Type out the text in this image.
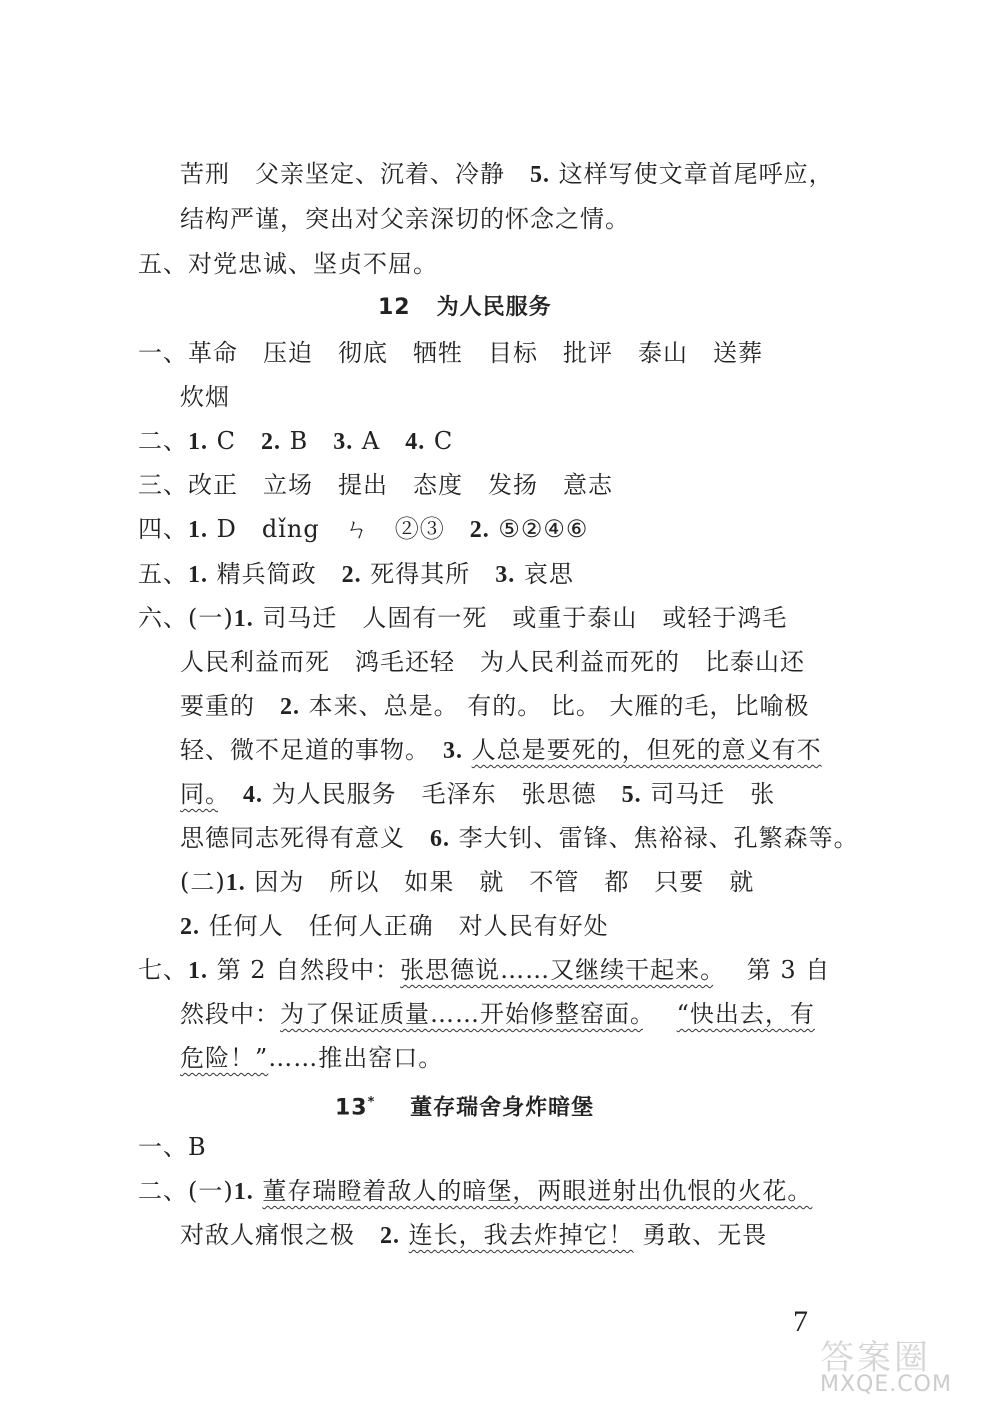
苦刑　父亲坚定、沉着、冷静　5. 这样写使文章首尾呼应，
结构严谨，突出对父亲深切的怀念之情。
五、对党忠诚、坚贞不屈。
12 为人民服务
一、革命　压迫　彻底　牺牲　目标　批评　泰山　送葬
炊烟
二、1. C　2. B　3. A　4. C
三、改正　立场　提出　态度　发扬　意志
四、1. D　dǐng　ㄣ　②③　2. ⑤②④⑥
五、1. 精兵简政　2. 死得其所　3. 哀思
六、(一)1. 司马迁　人固有一死　或重于泰山　或轻于鸿毛
人民利益而死　鸿毛还轻　为人民利益而死的　比泰山还
要重的　2. 本来、总是。 有的。 比。 大雁的毛，比喻极
轻、微不足道的事物。　3. 人总是要死的，但死的意义有不
同。　 4. 为人民服务　毛泽东　张思德　5. 司马迁　张
思德同志死得有意义　6. 李大钊、雷锋、焦裕禄、孔繁森等。
(二)1. 因为　所以　如果　就　不管　都　只要　就
2. 任何人　任何人正确　对人民有好处
七、1. 第 2 自然段中：张思德说……又继续干起来。　 第 3 自
然段中：为了保证质量……开始修整窑面。　 “快出去，有
危险！”……推出窑口。
13* 董存瑞舍身炸暗堡
一、B
二、(一)1. 董存瑞瞪着敌人的暗堡，两眼迸射出仇恨的火花。
对敌人痛恨之极　2. 连长，我去炸掉它！ 勇敢、无畏
7
答案圈
MXQE.COM
